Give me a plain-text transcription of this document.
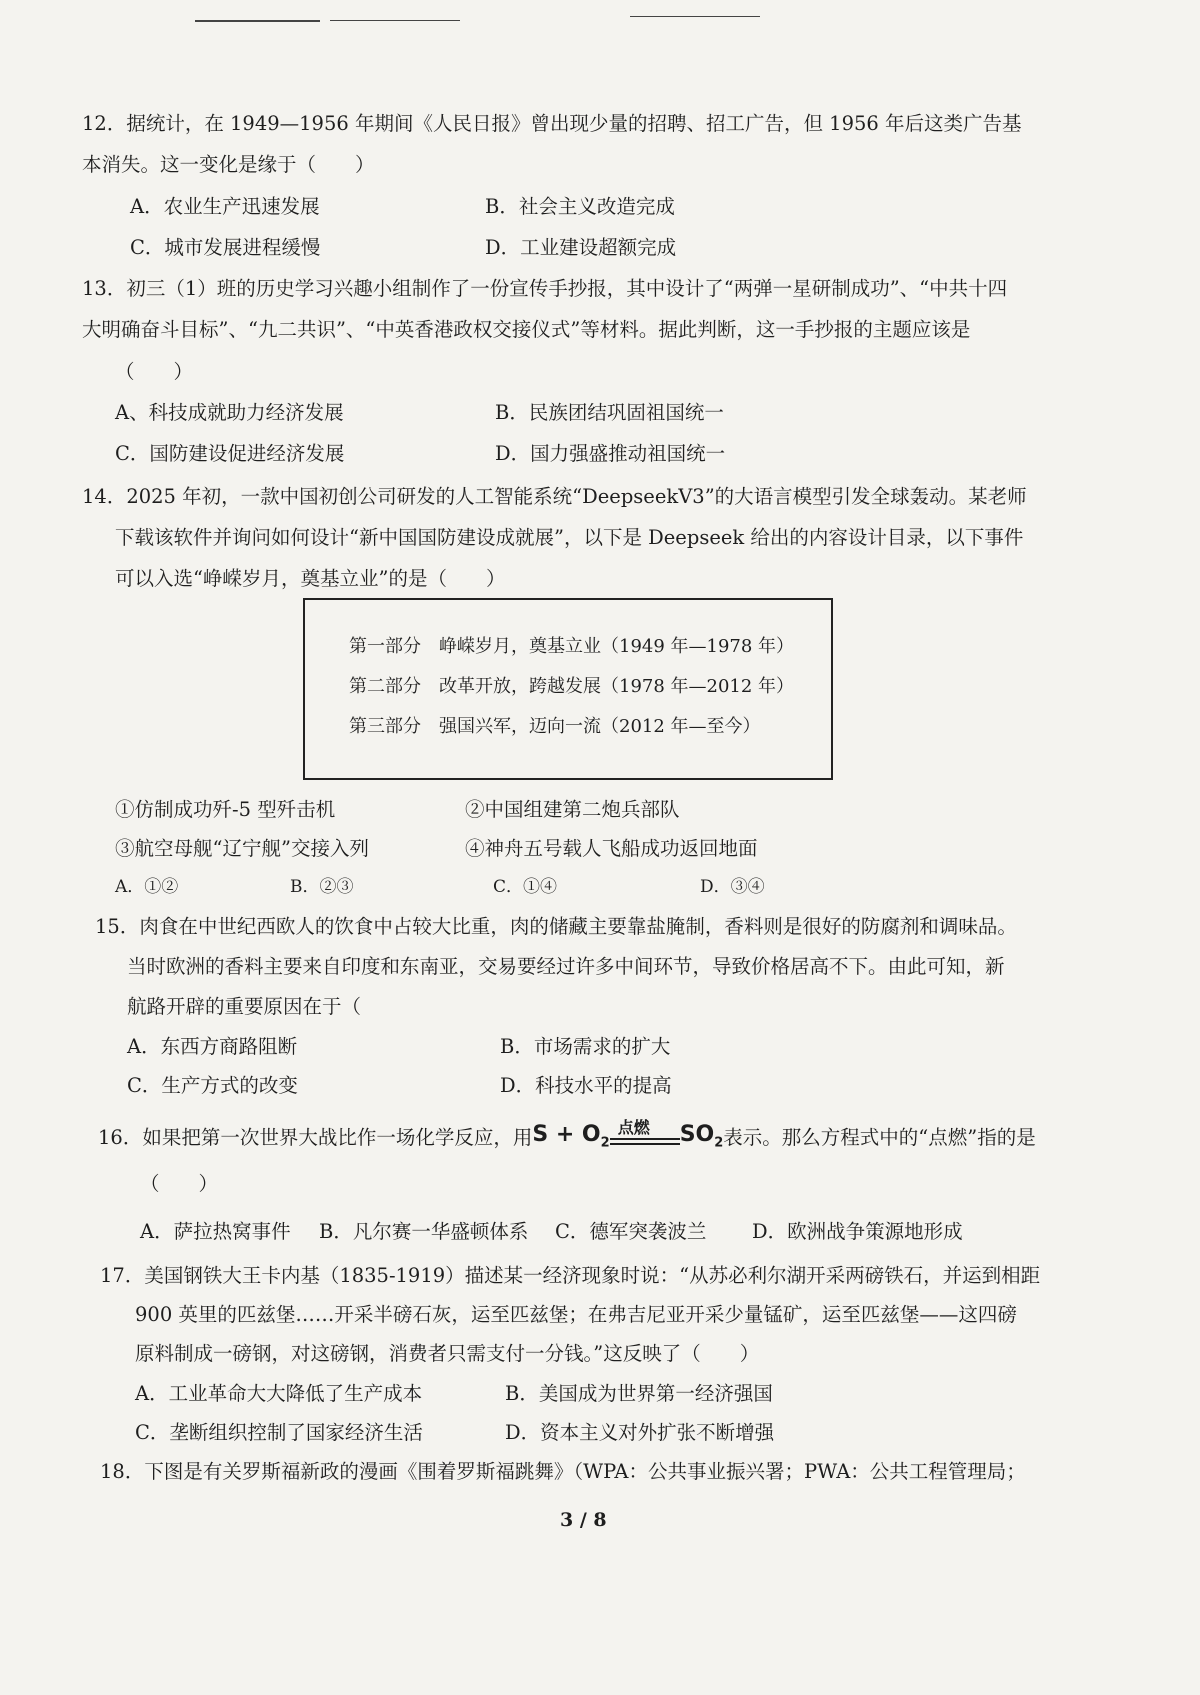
12．据统计，在 1949—1956 年期间《人民日报》曾出现少量的招聘、招工广告，但 1956 年后这类广告基
本消失。这一变化是缘于（　　）
A．农业生产迅速发展	B．社会主义改造完成
C．城市发展进程缓慢	D．工业建设超额完成
13．初三（1）班的历史学习兴趣小组制作了一份宣传手抄报，其中设计了“两弹一星研制成功”、“中共十四
大明确奋斗目标”、“九二共识”、“中英香港政权交接仪式”等材料。据此判断，这一手抄报的主题应该是
（　　）
A、科技成就助力经济发展	B．民族团结巩固祖国统一
C．国防建设促进经济发展	D．国力强盛推动祖国统一
14．2025 年初，一款中国初创公司研发的人工智能系统“DeepseekV3”的大语言模型引发全球轰动。某老师
下载该软件并询问如何设计“新中国国防建设成就展”，以下是 Deepseek 给出的内容设计目录，以下事件
可以入选“峥嵘岁月，奠基立业”的是（　　）
第一部分　峥嵘岁月，奠基立业（1949 年—1978 年）
第二部分　改革开放，跨越发展（1978 年—2012 年）
第三部分　强国兴军，迈向一流（2012 年—至今）
①仿制成功歼-5 型歼击机	②中国组建第二炮兵部队
③航空母舰“辽宁舰”交接入列	④神舟五号载人飞船成功返回地面
A．①②	B．②③	C．①④	D．③④
15．肉食在中世纪西欧人的饮食中占较大比重，肉的储藏主要靠盐腌制，香料则是很好的防腐剂和调味品。
当时欧洲的香料主要来自印度和东南亚，交易要经过许多中间环节，导致价格居高不下。由此可知，新
航路开辟的重要原因在于（
A．东西方商路阻断	B．市场需求的扩大
C．生产方式的改变	D．科技水平的提高
16．如果把第一次世界大战比作一场化学反应，用$S + O_2$
点燃 $SO_2$表示。那么方程式中的“点燃”指的是
（　　）
A．萨拉热窝事件 B．凡尔赛一华盛顿体系 C．德军突袭波兰 D．欧洲战争策源地形成
17．美国钢铁大王卡内基（1835-1919）描述某一经济现象时说：“从苏必利尔湖开采两磅铁石，并运到相距
900 英里的匹兹堡……开采半磅石灰，运至匹兹堡；在弗吉尼亚开采少量锰矿，运至匹兹堡——这四磅
原料制成一磅钢，对这磅钢，消费者只需支付一分钱。”这反映了（　　）
A．工业革命大大降低了生产成本	B．美国成为世界第一经济强国
C．垄断组织控制了国家经济生活	D．资本主义对外扩张不断增强
18．下图是有关罗斯福新政的漫画《围着罗斯福跳舞》（WPA：公共事业振兴署；PWA：公共工程管理局；
3 / 8
